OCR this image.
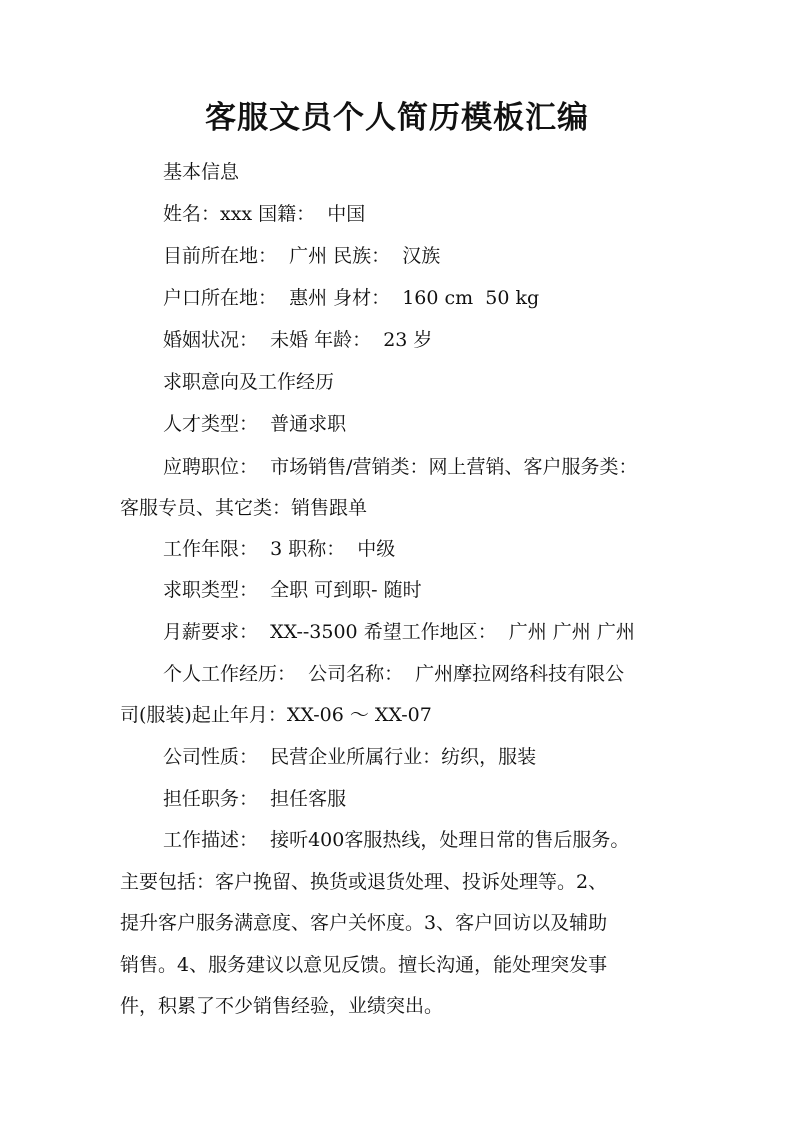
客服文员个人简历模板汇编
基本信息
姓名：xxx 国籍：  中国
目前所在地：  广州 民族：  汉族
户口所在地：  惠州 身材：  160 cm  50 kg
婚姻状况：  未婚 年龄：  23 岁
求职意向及工作经历
人才类型：  普通求职
应聘职位：  市场销售/营销类：网上营销、客户服务类：
客服专员、其它类：销售跟单
工作年限：  3 职称：  中级
求职类型：  全职 可到职- 随时
月薪要求：  XX--3500 希望工作地区：  广州 广州 广州
个人工作经历：  公司名称：  广州摩拉网络科技有限公
司(服装)起止年月：XX-06 ～ XX-07
公司性质：  民营企业所属行业：纺织，服装
担任职务：  担任客服
工作描述：  接听400客服热线，处理日常的售后服务。
主要包括：客户挽留、换货或退货处理、投诉处理等。2、
提升客户服务满意度、客户关怀度。3、客户回访以及辅助
销售。4、服务建议以意见反馈。擅长沟通，能处理突发事
件，积累了不少销售经验，业绩突出。
